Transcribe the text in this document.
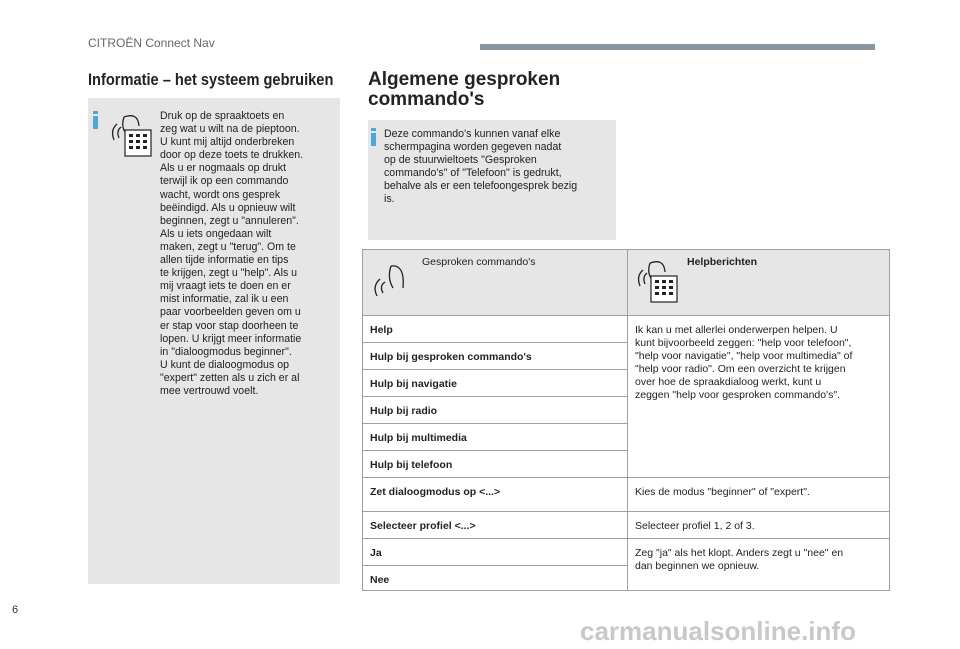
CITROËN Connect Nav
Informatie – het systeem gebruiken
Druk op de spraaktoets en
zeg wat u wilt na de pieptoon.
U kunt mij altijd onderbreken
door op deze toets te drukken.
Als u er nogmaals op drukt
terwijl ik op een commando
wacht, wordt ons gesprek
beëindigd. Als u opnieuw wilt
beginnen, zegt u "annuleren".
Als u iets ongedaan wilt
maken, zegt u "terug". Om te
allen tijde informatie en tips
te krijgen, zegt u "help". Als u
mij vraagt iets te doen en er
mist informatie, zal ik u een
paar voorbeelden geven om u
er stap voor stap doorheen te
lopen. U krijgt meer informatie
in "dialoogmodus beginner".
U kunt de dialoogmodus op
"expert" zetten als u zich er al
mee vertrouwd voelt.
Algemene gesproken
commando's
Deze commando's kunnen vanaf elke
schermpagina worden gegeven nadat
op de stuurwieltoets "Gesproken
commando's" of "Telefoon" is gedrukt,
behalve als er een telefoongesprek bezig
is.
Gesproken commando's	Helpberichten
Help
Hulp bij gesproken commando's
Hulp bij navigatie
Hulp bij radio
Hulp bij multimedia
Hulp bij telefoon
Zet dialoogmodus op <...>
Selecteer profiel <...>
Ja
Nee
Ik kan u met allerlei onderwerpen helpen. U
kunt bijvoorbeeld zeggen: "help voor telefoon",
"help voor navigatie", "help voor multimedia" of
"help voor radio". Om een overzicht te krijgen
over hoe de spraakdialoog werkt, kunt u
zeggen "help voor gesproken commando's".
Kies de modus "beginner" of "expert".
Selecteer profiel 1, 2 of 3.
Zeg "ja" als het klopt. Anders zegt u "nee" en
dan beginnen we opnieuw.
6
carmanualsonline.info
